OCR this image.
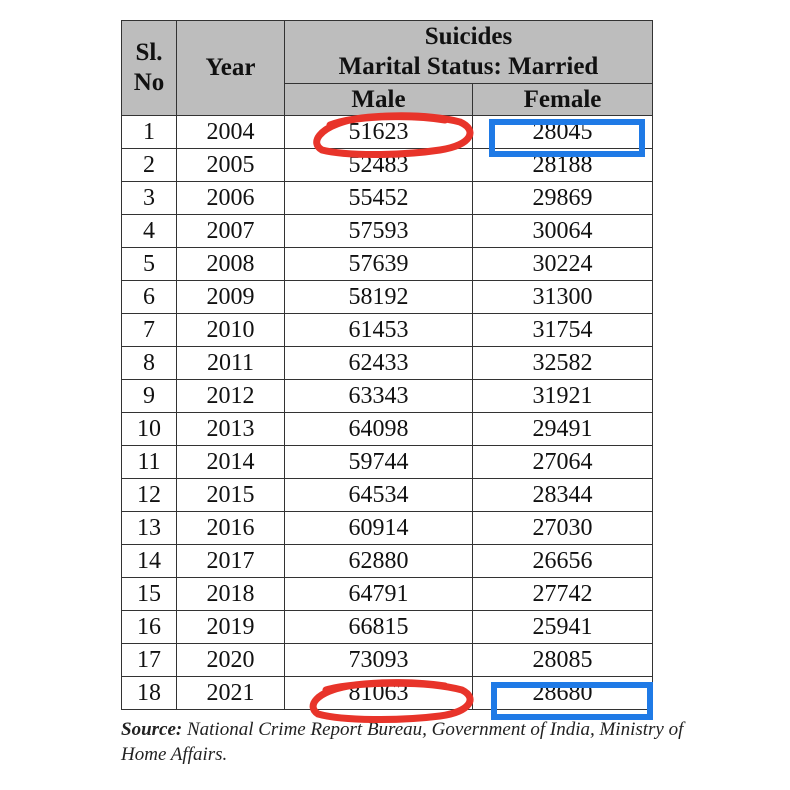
Sl. No	Year	Suicides
Marital Status: Married	

		Male	Female
1	2004	51623	28045
2	2005	52483	28188
3	2006	55452	29869
4	2007	57593	30064
5	2008	57639	30224
6	2009	58192	31300
7	2010	61453	31754
8	2011	62433	32582
9	2012	63343	31921
10	2013	64098	29491
11	2014	59744	27064
12	2015	64534	28344
13	2016	60914	27030
14	2017	62880	26656
15	2018	64791	27742
16	2019	66815	25941
17	2020	73093	28085
18	2021	81063	28680
Source: National Crime Report Bureau, Government of India, Ministry of Home Affairs.
